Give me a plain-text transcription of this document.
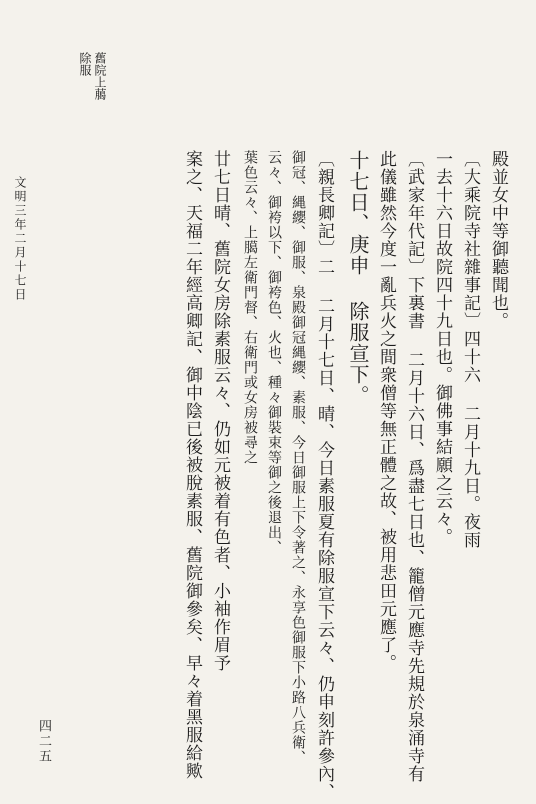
舊院上﨟
除服
殿並女中等御聽聞也。
〔大乘院寺社雜事記〕四十六 二月十九日。夜雨
一去十六日故院四十九日也。御佛事結願之云々。
〔武家年代記〕下裏書 二月十六日、爲盡七日也、籠僧元應寺先規於泉涌寺有
此儀雖然今度一亂兵火之間衆僧等無正體之故、被用悲田元應了。
十七日、庚申 除服宣下。
〔親長卿記〕二 二月十七日、晴、今日素服夏有除服宣下云々、仍申刻許參內、
御冠、縄纓、御服、泉殿御冠縄纓、素服、今日御服上下令著之、永享色御服下小路八兵衛、
云々、御袴以下、御袴色、火也、種々御裝束等御之後退出、
葉色云々、上臈左衛門督、右衛門或女房被尋之
廿七日晴、舊院女房除素服云々、仍如元被着有色者、小袖作眉予
案之、天福二年經高卿記、御中陰已後被脫素服、舊院御參矣、早々着黑服給歟
文明三年二月十七日
四二五
